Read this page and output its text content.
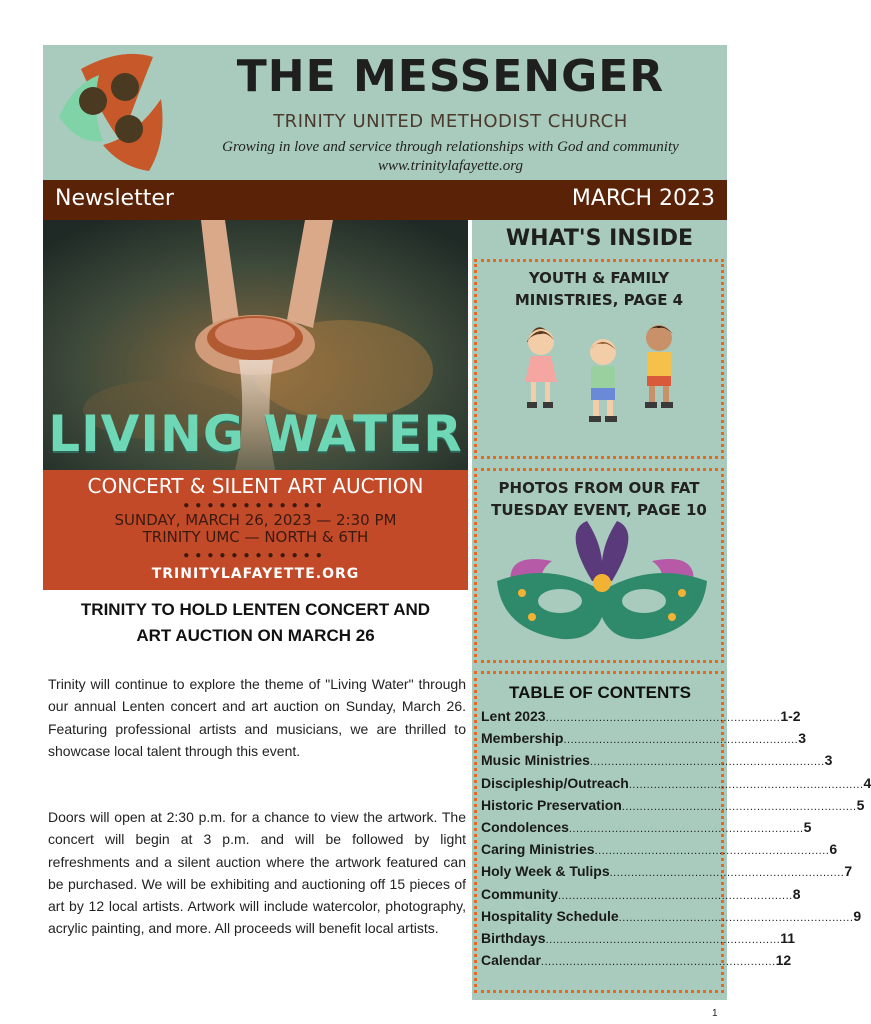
THE MESSENGER
TRINITY UNITED METHODIST CHURCH
Growing in love and service through relationships with God and community
www.trinitylafayette.org
Newsletter	MARCH 2023
LIVING WATER
CONCERT & SILENT ART AUCTION
●●●●●●●●●●●●
SUNDAY, MARCH 26, 2023 — 2:30 PM
TRINITY UMC — NORTH & 6TH
●●●●●●●●●●●●
TRINITYLAFAYETTE.ORG
TRINITY TO HOLD LENTEN CONCERT AND
ART AUCTION ON MARCH 26
Trinity will continue to explore the theme of "Living Water" through our annual Lenten concert and art auction on Sunday, March 26. Featuring professional artists and musicians, we are thrilled to showcase local talent through this event.
Doors will open at 2:30 p.m. for a chance to view the artwork. The concert will begin at 3 p.m. and will be followed by light refreshments and a silent auction where the artwork featured can be purchased. We will be exhibiting and auctioning off 15 pieces of art by 12 local artists. Artwork will include watercolor, photography, acrylic painting, and more. All proceeds will benefit local artists.
WHAT'S INSIDE
YOUTH & FAMILY
MINISTRIES, PAGE 4
PHOTOS FROM OUR FAT
TUESDAY EVENT, PAGE 10
TABLE OF CONTENTS
Lent 2023 .................................................................. 1-2
Membership .................................................................. 3
Music Ministries .................................................................. 3
Discipleship/Outreach .................................................................. 4
Historic Preservation .................................................................. 5
Condolences .................................................................. 5
Caring Ministries .................................................................. 6
Holy Week & Tulips .................................................................. 7
Community .................................................................. 8
Hospitality Schedule .................................................................. 9
Birthdays .................................................................. 11
Calendar .................................................................. 12
1
